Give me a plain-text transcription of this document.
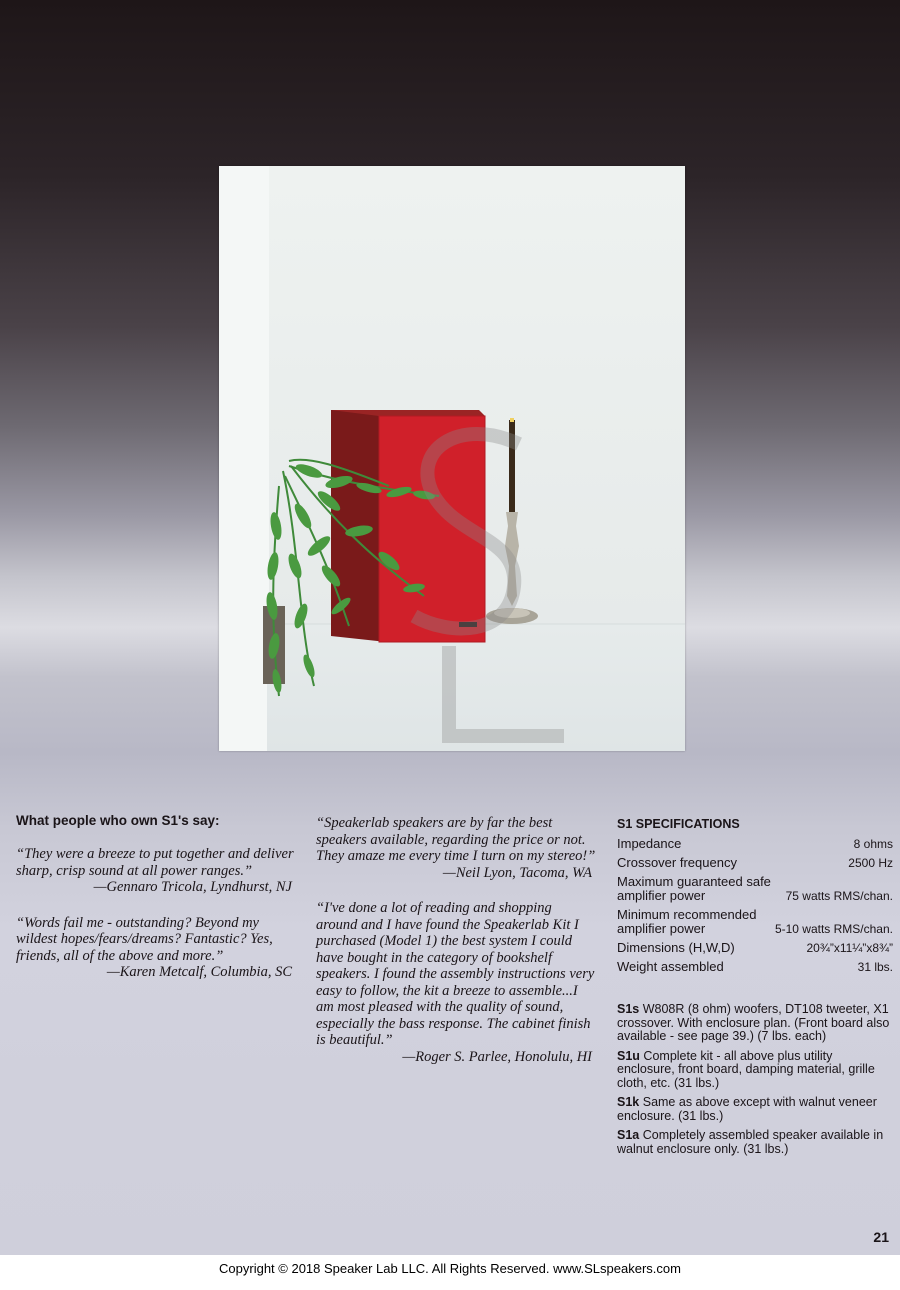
What people who own S1's say:
“They were a breeze to put together and deliver sharp, crisp sound at all power ranges.”
—Gennaro Tricola, Lyndhurst, NJ
“Words fail me - outstanding? Beyond my wildest hopes/fears/dreams? Fantastic? Yes, friends, all of the above and more.”
—Karen Metcalf, Columbia, SC
“Speakerlab speakers are by far the best speakers available, regarding the price or not. They amaze me every time I turn on my stereo!”
—Neil Lyon, Tacoma, WA
“I've done a lot of reading and shopping around and I have found the Speakerlab Kit I purchased (Model 1) the best system I could have bought in the category of bookshelf speakers. I found the assembly instructions very easy to follow, the kit a breeze to assemble...I am most pleased with the quality of sound, especially the bass response. The cabinet finish is beautiful.”
—Roger S. Parlee, Honolulu, HI
S1 SPECIFICATIONS
Impedance	8 ohms
Crossover frequency	2500 Hz
Maximum guaranteed safe amplifier power	75 watts RMS/chan.
Minimum recommended amplifier power	5-10 watts RMS/chan.
Dimensions (H,W,D)	20¾”x11¼”x8¾”
Weight assembled	31 lbs.
S1s W808R (8 ohm) woofers, DT108 tweeter, X1 crossover. With enclosure plan. (Front board also available - see page 39.) (7 lbs. each)
S1u Complete kit - all above plus utility enclosure, front board, damping material, grille cloth, etc. (31 lbs.)
S1k Same as above except with walnut veneer enclosure. (31 lbs.)
S1a Completely assembled speaker available in walnut enclosure only. (31 lbs.)
21
Copyright © 2018 Speaker Lab LLC. All Rights Reserved. www.SLspeakers.com
